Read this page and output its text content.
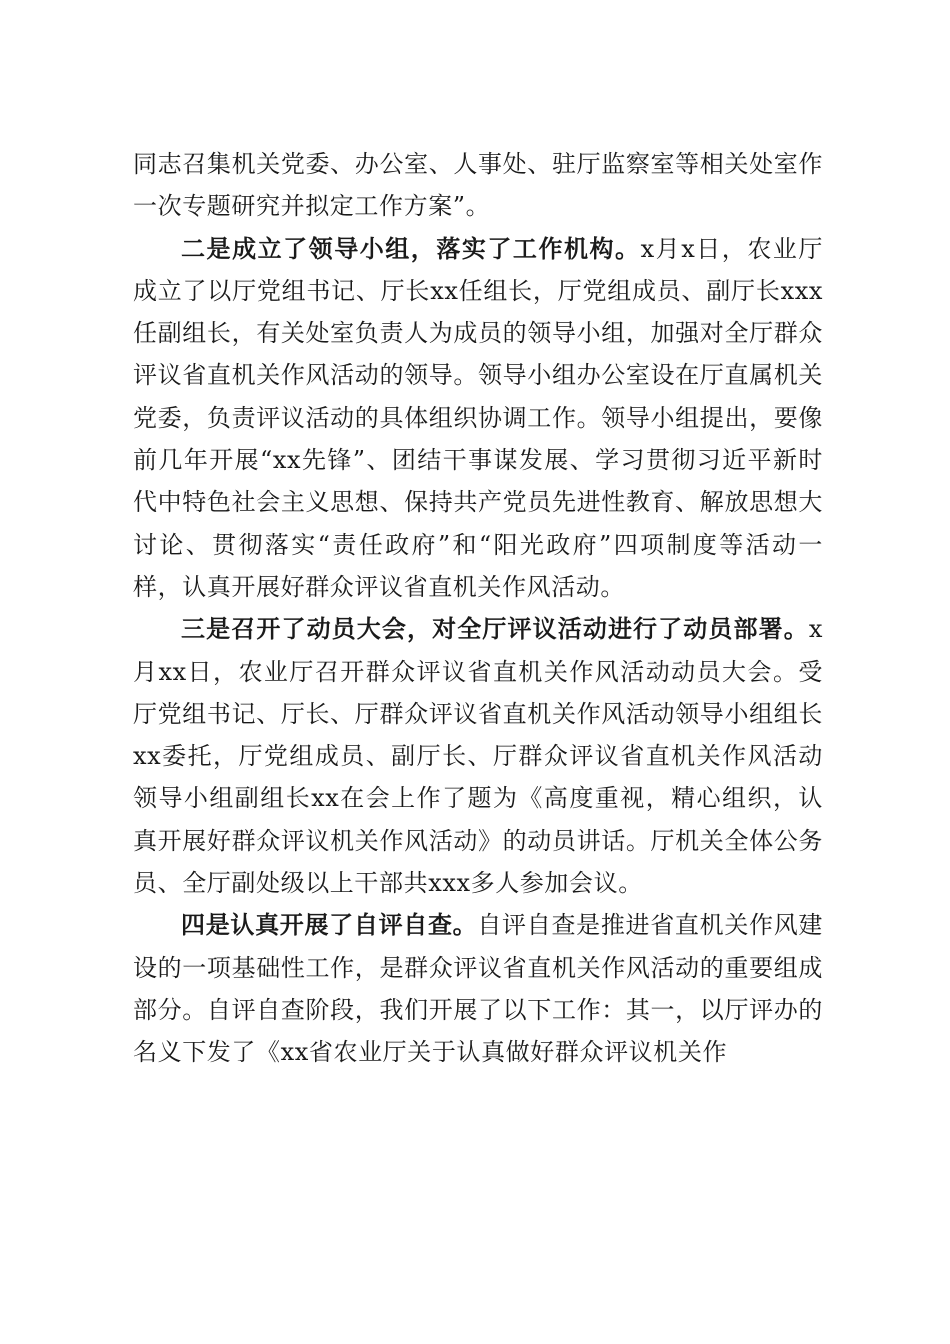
同志召集机关党委、办公室、人事处、驻厅监察室等相关处室作一次专题研究并拟定工作方案”。

二是成立了领导小组，落实了工作机构。x月x日，农业厅成立了以厅党组书记、厅长xx任组长，厅党组成员、副厅长xxx任副组长，有关处室负责人为成员的领导小组，加强对全厅群众评议省直机关作风活动的领导。领导小组办公室设在厅直属机关党委，负责评议活动的具体组织协调工作。领导小组提出，要像前几年开展“xx先锋”、团结干事谋发展、学习贯彻习近平新时代中特色社会主义思想、保持共产党员先进性教育、解放思想大讨论、贯彻落实“责任政府”和“阳光政府”四项制度等活动一样，认真开展好群众评议省直机关作风活动。

三是召开了动员大会，对全厅评议活动进行了动员部署。x月xx日，农业厅召开群众评议省直机关作风活动动员大会。受厅党组书记、厅长、厅群众评议省直机关作风活动领导小组组长xx委托，厅党组成员、副厅长、厅群众评议省直机关作风活动领导小组副组长xx在会上作了题为《高度重视，精心组织，认真开展好群众评议机关作风活动》的动员讲话。厅机关全体公务员、全厅副处级以上干部共xxx多人参加会议。

四是认真开展了自评自查。自评自查是推进省直机关作风建设的一项基础性工作，是群众评议省直机关作风活动的重要组成部分。自评自查阶段，我们开展了以下工作：其一，以厅评办的名义下发了《xx省农业厅关于认真做好群众评议机关作
